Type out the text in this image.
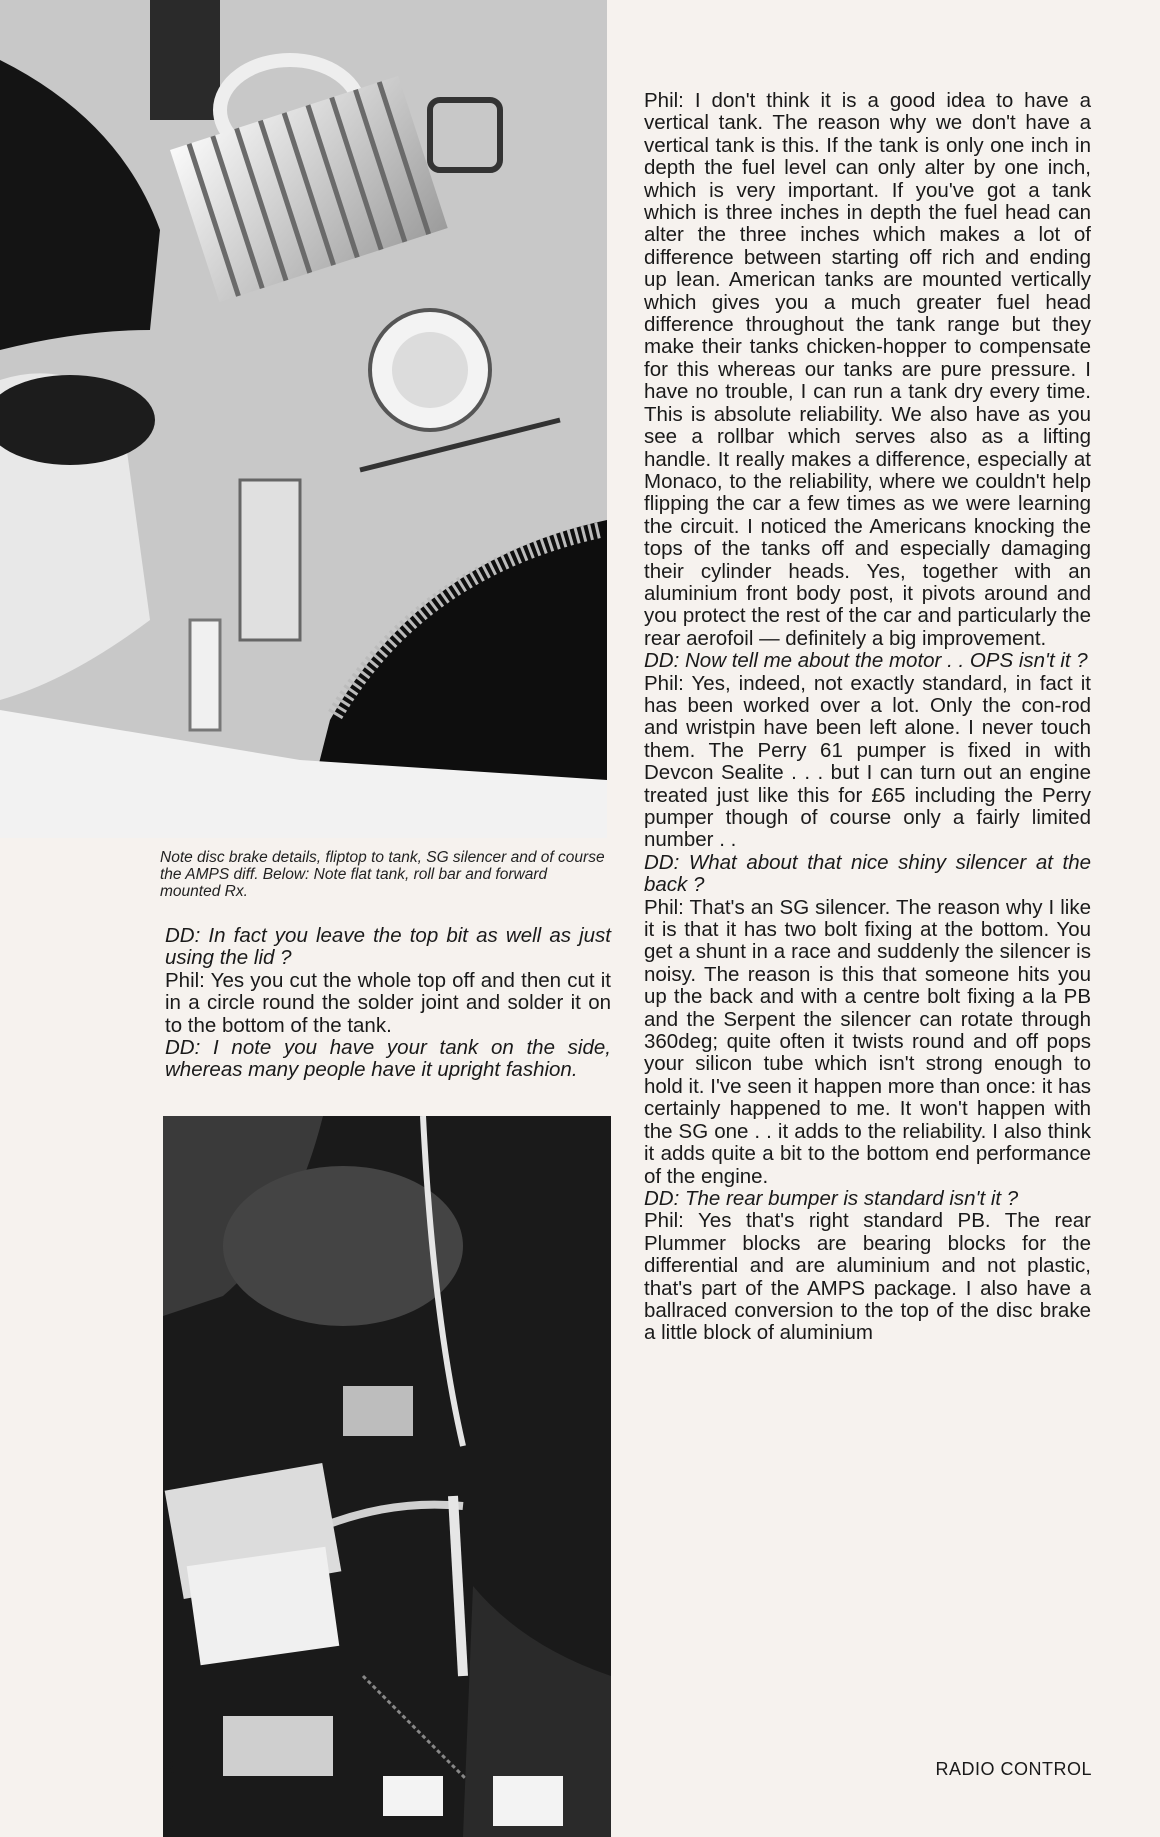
Note disc brake details, fliptop to tank, SG silencer and of course the AMPS diff. Below: Note flat tank, roll bar and forward mounted Rx.

DD: In fact you leave the top bit as well as just using the lid ?

Phil: Yes you cut the whole top off and then cut it in a circle round the solder joint and solder it on to the bottom of the tank.

DD: I note you have your tank on the side, whereas many people have it upright fashion.

Phil: I don't think it is a good idea to have a vertical tank. The reason why we don't have a vertical tank is this. If the tank is only one inch in depth the fuel level can only alter by one inch, which is very important. If you've got a tank which is three inches in depth the fuel head can alter the three inches which makes a lot of difference between starting off rich and ending up lean. American tanks are mounted vertically which gives you a much greater fuel head difference throughout the tank range but they make their tanks chicken-hopper to compensate for this whereas our tanks are pure pressure. I have no trouble, I can run a tank dry every time. This is absolute reliability. We also have as you see a rollbar which serves also as a lifting handle. It really makes a difference, especially at Monaco, to the reliability, where we couldn't help flipping the car a few times as we were learning the circuit. I noticed the Americans knocking the tops of the tanks off and especially damaging their cylinder heads. Yes, together with an aluminium front body post, it pivots around and you protect the rest of the car and particularly the rear aerofoil — definitely a big improvement.

DD: Now tell me about the motor . . OPS isn't it ?

Phil: Yes, indeed, not exactly standard, in fact it has been worked over a lot. Only the con-rod and wristpin have been left alone. I never touch them. The Perry 61 pumper is fixed in with Devcon Sealite . . . but I can turn out an engine treated just like this for £65 including the Perry pumper though of course only a fairly limited number . .

DD: What about that nice shiny silencer at the back ?

Phil: That's an SG silencer. The reason why I like it is that it has two bolt fixing at the bottom. You get a shunt in a race and suddenly the silencer is noisy. The reason is this that someone hits you up the back and with a centre bolt fixing a la PB and the Serpent the silencer can rotate through 360deg; quite often it twists round and off pops your silicon tube which isn't strong enough to hold it. I've seen it happen more than once: it has certainly happened to me. It won't happen with the SG one . . it adds to the reliability. I also think it adds quite a bit to the bottom end performance of the engine.

DD: The rear bumper is standard isn't it ?

Phil: Yes that's right standard PB. The rear Plummer blocks are bearing blocks for the differential and are aluminium and not plastic, that's part of the AMPS package. I also have a ballraced conversion to the top of the disc brake a little block of aluminium

8	RADIO CONTROL
